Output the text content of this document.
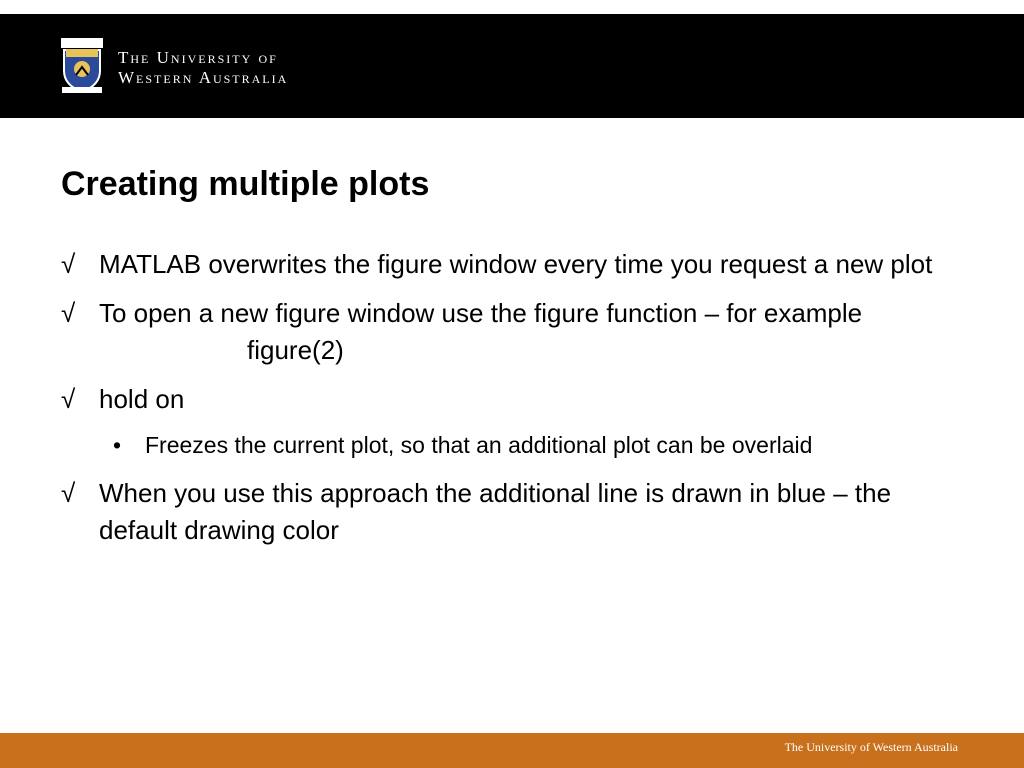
The University of
Western Australia
Creating multiple plots
√ MATLAB overwrites the figure window every time you request a new plot
√ To open a new figure window use the figure function – for example
figure(2)
√ hold on
• Freezes the current plot, so that an additional plot can be overlaid
√ When you use this approach the additional line is drawn in blue – the default drawing color
The University of Western Australia
